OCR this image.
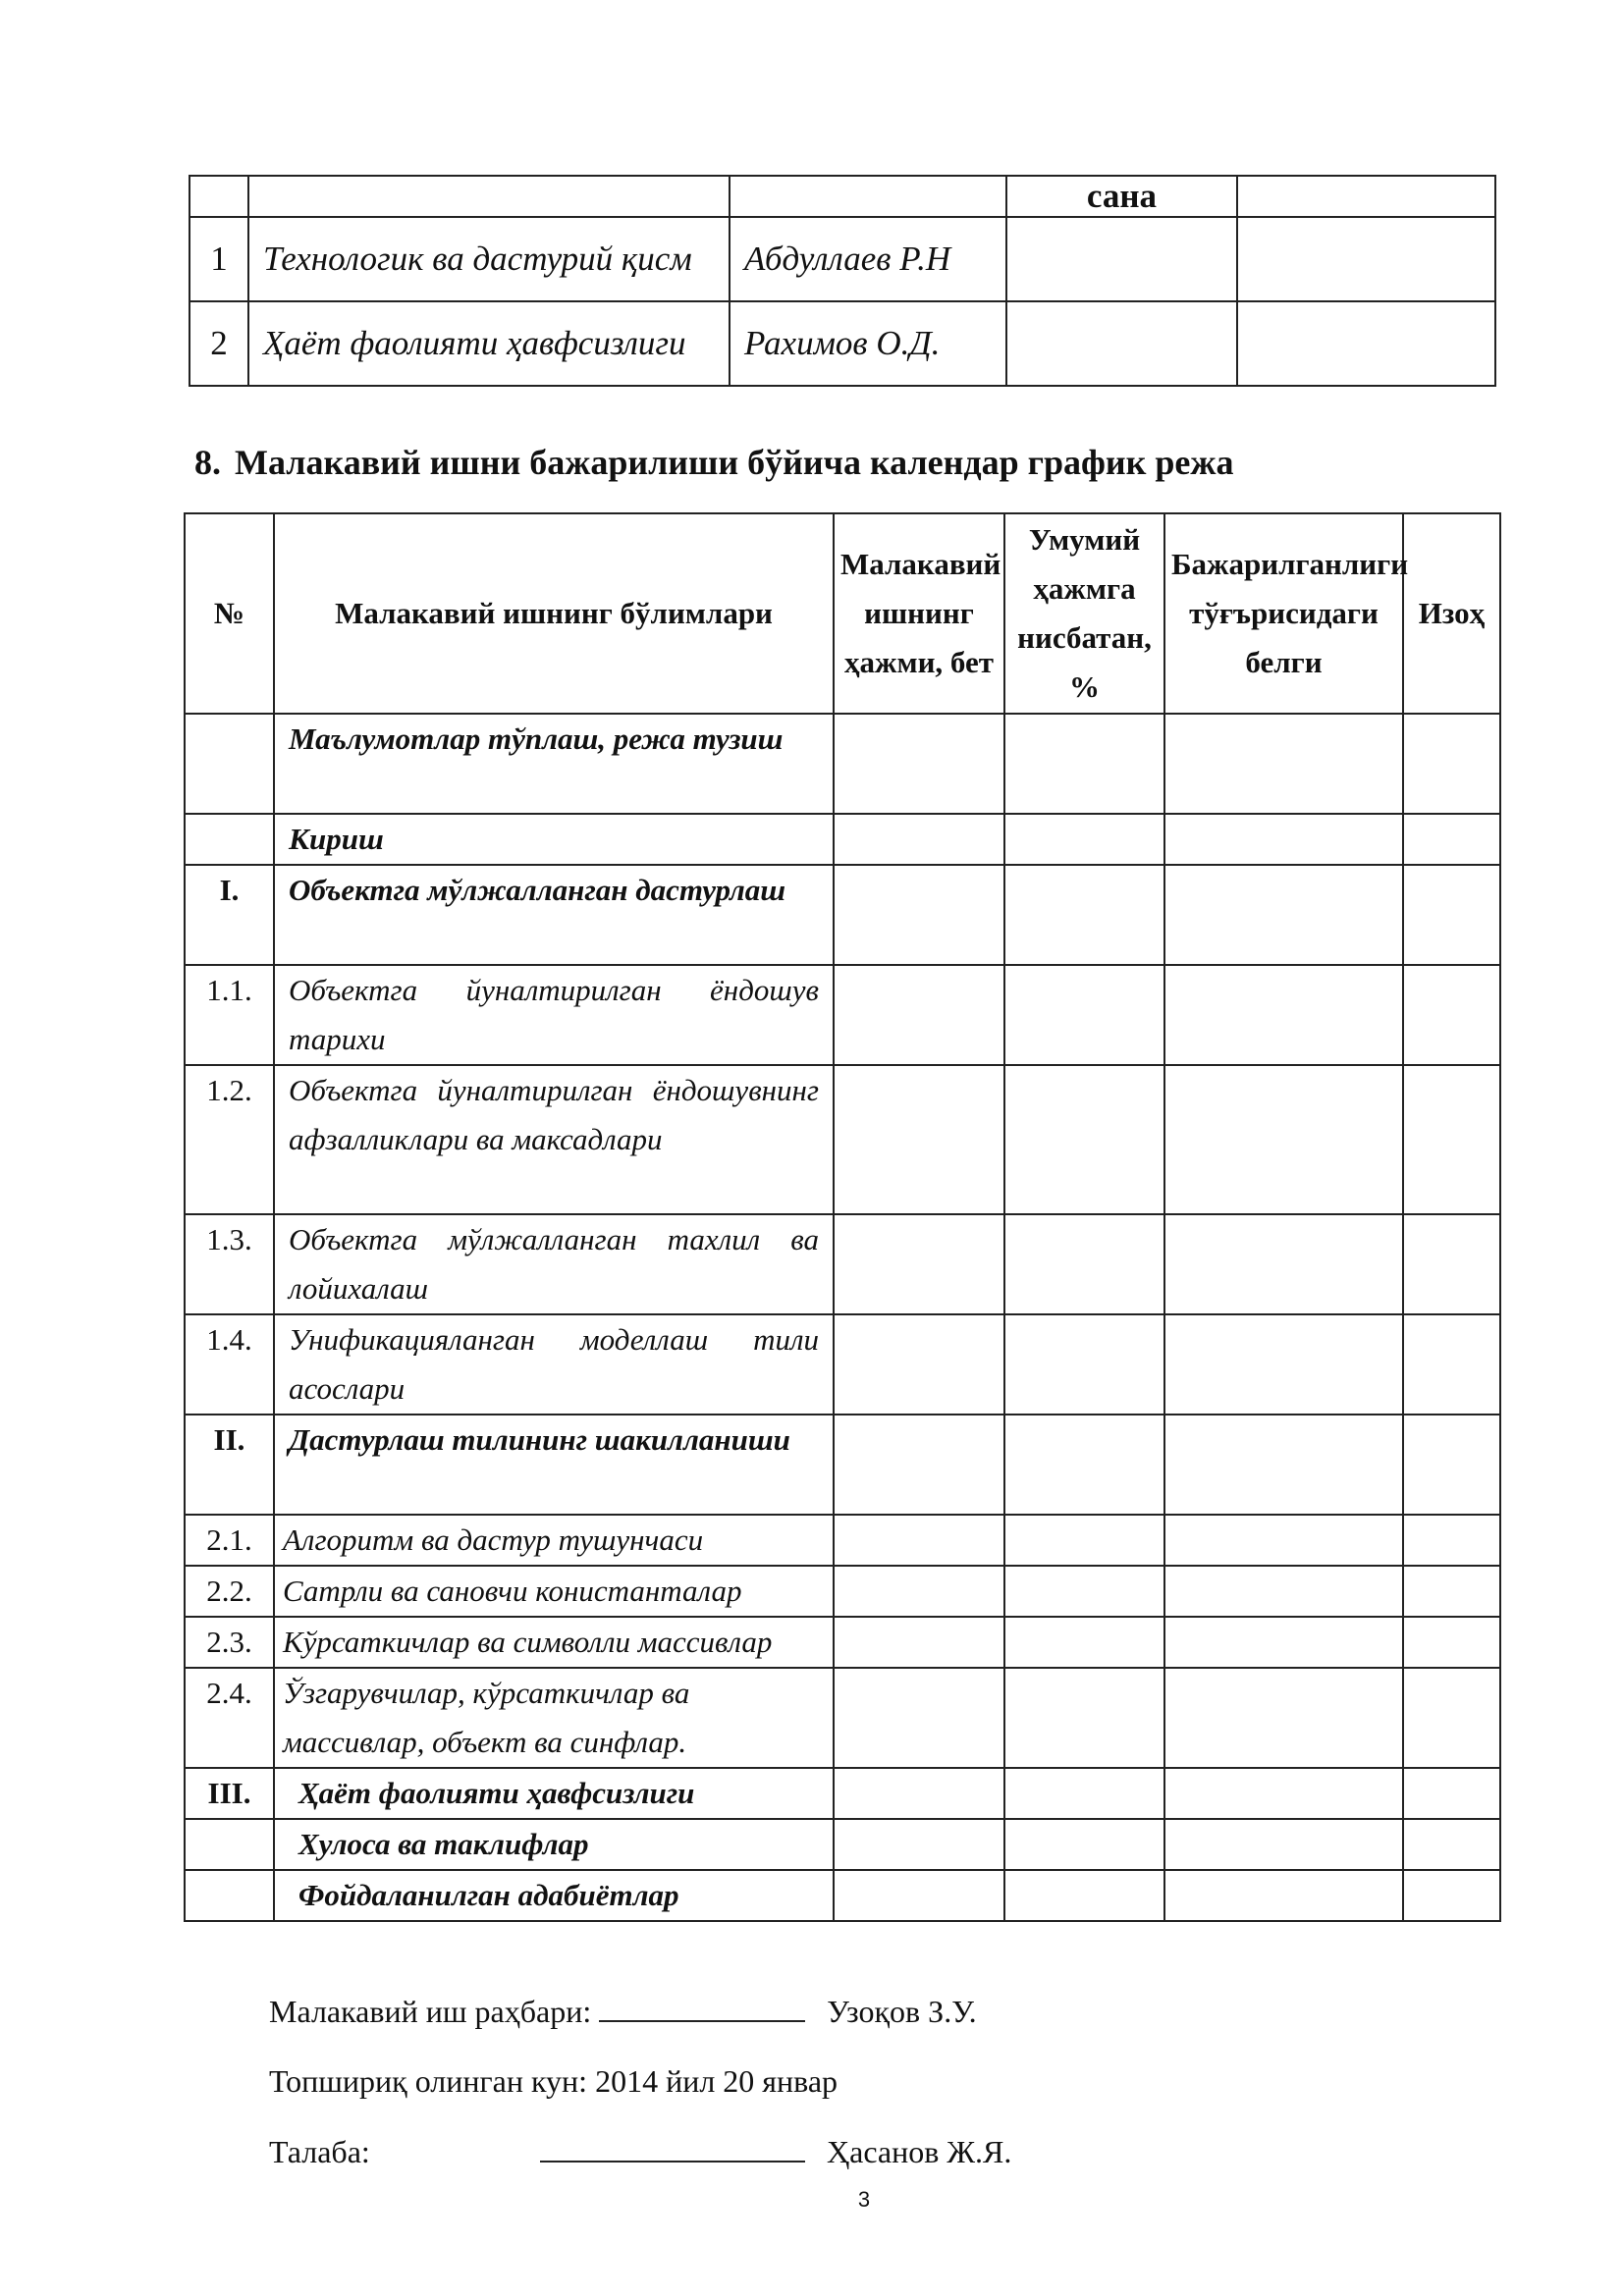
			сана	
1	Технологик ва дастурий қисм	Абдуллаев Р.Н		
2	Ҳаёт фаолияти ҳавфсизлиги	Рахимов О.Д.		
8. Малакавий ишни бажарилиши бўйича календар график режа
№	Малакавий ишнинг бўлимлари	Малакавий ишнинг ҳажми, бет	Умумий ҳажмга нисбатан, %	Бажарилганлиги тўғърисидаги белги	Изоҳ
	Маълумотлар тўплаш, режа тузиш				
	Кириш				
I.	Объектга мўлжалланган дастурлаш				
1.1.	Объектга йуналтирилган ёндошув тарихи				
1.2.	Объектга йуналтирилган ёндошувнинг афзалликлари ва максадлари				
1.3.	Объектга мўлжалланган тахлил ва лойихалаш				
1.4.	Унификацияланган моделлаш тили асослари				
II.	Дастурлаш тилининг шакилланиши				
2.1.	Алгоритм ва дастур тушунчаси				
2.2.	Сатрли ва сановчи конистанталар				
2.3.	Кўрсаткичлар ва символли массивлар				
2.4.	Ўзгарувчилар, кўрсаткичлар ва массивлар, объект ва синфлар.				
III.	Ҳаёт фаолияти ҳавфсизлиги				
	Хулоса ва таклифлар				
	Фойдаланилган адабиётлар				
Малакавий иш раҳбари:	Узоқов З.У.
Топшириқ олинган кун: 2014 йил 20 январ
Талаба:	Ҳасанов Ж.Я.
3
